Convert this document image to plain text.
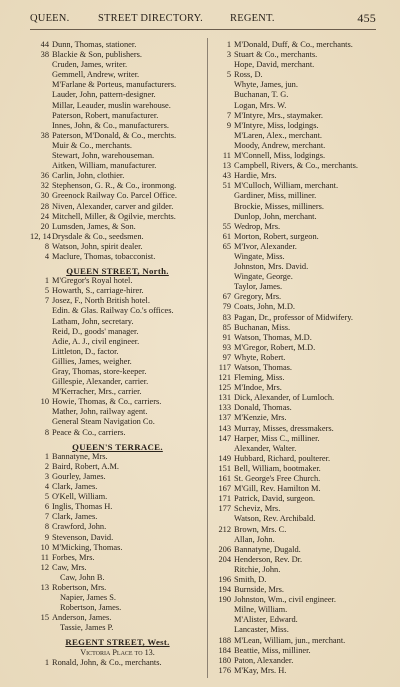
QUEEN.	STREET DIRECTORY.	REGENT.	455
44 Dunn, Thomas, stationer.
38 Blackie & Son, publishers.
Cruden, James, writer.
Gemmell, Andrew, writer.
M'Farlane & Porteus, manufacturers.
Lauder, John, pattern-designer.
Millar, Leauder, muslin warehouse.
Paterson, Robert, manufacturer.
Innes, John, & Co., manufacturers.
38 Paterson, M'Donald, & Co., merchts.
Muir & Co., merchants.
Stewart, John, warehouseman.
Aitken, William, manufacturer.
36 Carlin, John, clothier.
32 Stephenson, G. R., & Co., ironmong.
30 Greenock Railway Co. Parcel Office.
28 Niven, Alexander, carver and gilder.
24 Mitchell, Miller, & Ogilvie, merchts.
20 Lumsden, James, & Son.
12, 14 Drysdale & Co., seedsmen.
8 Watson, John, spirit dealer.
4 Maclure, Thomas, tobacconist.
QUEEN STREET, North.
1 M'Gregor's Royal hotel.
5 Howarth, S., carriage-hirer.
7 Josez, F., North British hotel.
Edin. & Glas. Railway Co.'s offices.
Latham, John, secretary.
Reid, D., goods' manager.
Adie, A. J., civil engineer.
Littleton, D., factor.
Gillies, James, weigher.
Gray, Thomas, store-keeper.
Gillespie, Alexander, carrier.
M'Kerracher, Mrs., carrier.
10 Howie, Thomas, & Co., carriers.
Mather, John, railway agent.
General Steam Navigation Co.
8 Peace & Co., carriers.
QUEEN'S TERRACE.
1 Bannatyne, Mrs.
2 Baird, Robert, A.M.
3 Gourley, James.
4 Clark, James.
5 O'Kell, William.
6 Inglis, Thomas H.
7 Clark, James.
8 Crawford, John.
9 Stevenson, David.
10 M'Micking, Thomas.
11 Forbes, Mrs.
12 Caw, Mrs.
Caw, John B.
13 Robertson, Mrs.
Napier, James S.
Robertson, James.
15 Anderson, James.
Tassie, James P.
REGENT STREET, West.
Victoria Place to 13.
1 Ronald, John, & Co., merchants.
1 M'Donald, Duff, & Co., merchants.
3 Stuart & Co., merchants.
Hope, David, merchant.
5 Ross, D.
Whyte, James, jun.
Buchanan, T. G.
Logan, Mrs. W.
7 M'Intyre, Mrs., staymaker.
9 M'Intyre, Miss, lodgings.
M'Laren, Alex., merchant.
Moody, Andrew, merchant.
11 M'Connell, Miss, lodgings.
13 Campbell, Rivers, & Co., merchants.
43 Hardie, Mrs.
51 M'Culloch, William, merchant.
Gardiner, Miss, milliner.
Brockie, Misses, milliners.
Dunlop, John, merchant.
55 Wedrop, Mrs.
61 Morton, Robert, surgeon.
65 M'Ivor, Alexander.
Wingate, Miss.
Johnston, Mrs. David.
Wingate, George.
Taylor, James.
67 Gregory, Mrs.
79 Coats, John, M.D.
83 Pagan, Dr., professor of Midwifery.
85 Buchanan, Miss.
91 Watson, Thomas, M.D.
93 M'Gregor, Robert, M.D.
97 Whyte, Robert.
117 Watson, Thomas.
121 Fleming, Miss.
125 M'Indoe, Mrs.
131 Dick, Alexander, of Lumloch.
133 Donald, Thomas.
137 M'Kenzie, Mrs.
143 Murray, Misses, dressmakers.
147 Harper, Miss C., milliner.
Alexander, Walter.
149 Hubbard, Richard, poulterer.
151 Bell, William, bootmaker.
161 St. George's Free Church.
167 M'Gill, Rev. Hamilton M.
171 Patrick, David, surgeon.
177 Scheviz, Mrs.
Watson, Rev. Archibald.
212 Brown, Mrs. C.
Allan, John.
206 Bannatyne, Dugald.
204 Henderson, Rev. Dr.
Ritchie, John.
196 Smith, D.
194 Burnside, Mrs.
190 Johnston, Wm., civil engineer.
Milne, William.
M'Alister, Edward.
Lancaster, Miss.
188 M'Lean, William, jun., merchant.
184 Beattie, Miss, milliner.
180 Paton, Alexander.
176 M'Kay, Mrs. H.
